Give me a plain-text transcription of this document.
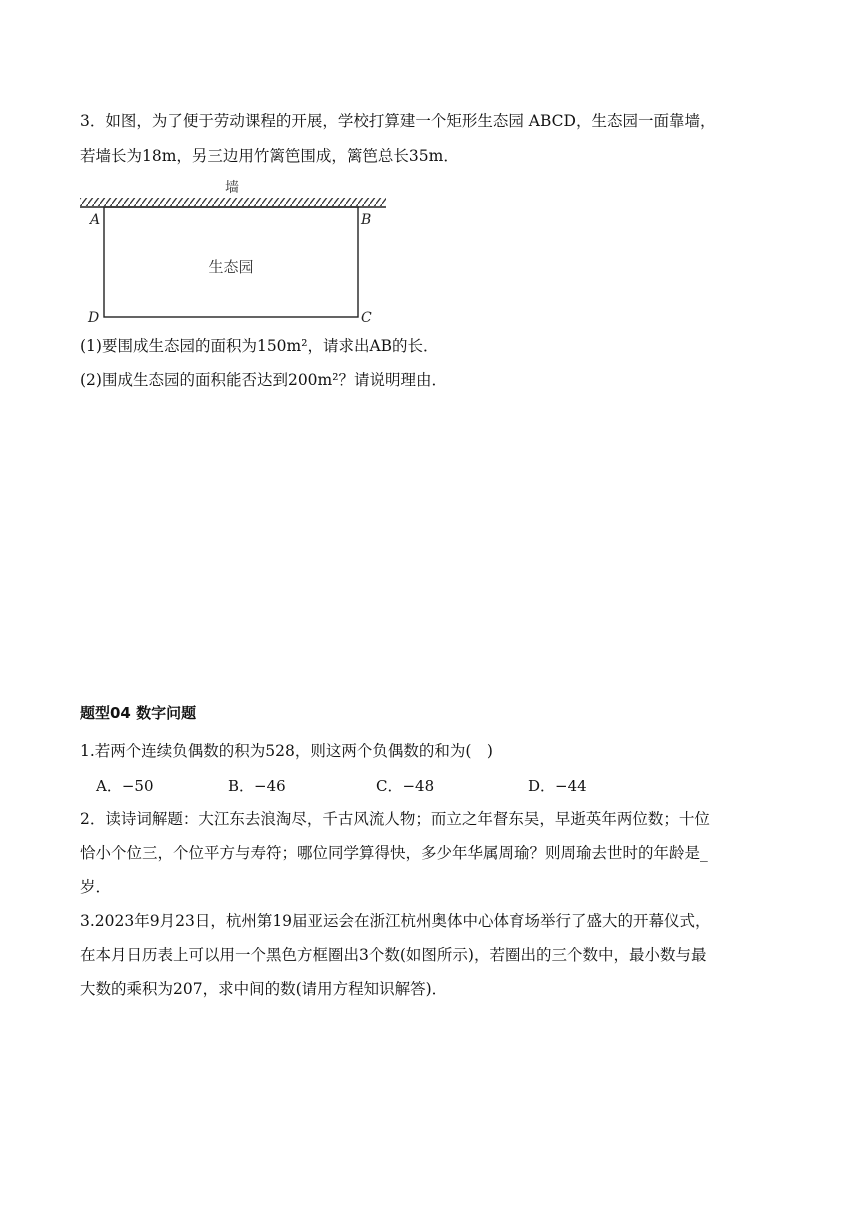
3．如图，为了便于劳动课程的开展，学校打算建一个矩形生态园 ABCD，生态园一面靠墙，
若墙长为18m，另三边用竹篱笆围成，篱笆总长35m．
墙
生态园
A	B
D	C
(1)要围成生态园的面积为150m²，请求出AB的长．
(2)围成生态园的面积能否达到200m²？请说明理由．
题型04 数字问题
1.若两个连续负偶数的积为528，则这两个负偶数的和为(　)
A．−50	B．−46	C．−48	D．−44
2．读诗词解题：大江东去浪淘尽，千古风流人物；而立之年督东吴，早逝英年两位数；十位
恰小个位三，个位平方与寿符；哪位同学算得快，多少年华属周瑜？则周瑜去世时的年龄是_
岁．
3.2023年9月23日，杭州第19届亚运会在浙江杭州奥体中心体育场举行了盛大的开幕仪式，
在本月日历表上可以用一个黑色方框圈出3个数(如图所示)，若圈出的三个数中，最小数与最
大数的乘积为207，求中间的数(请用方程知识解答)．
